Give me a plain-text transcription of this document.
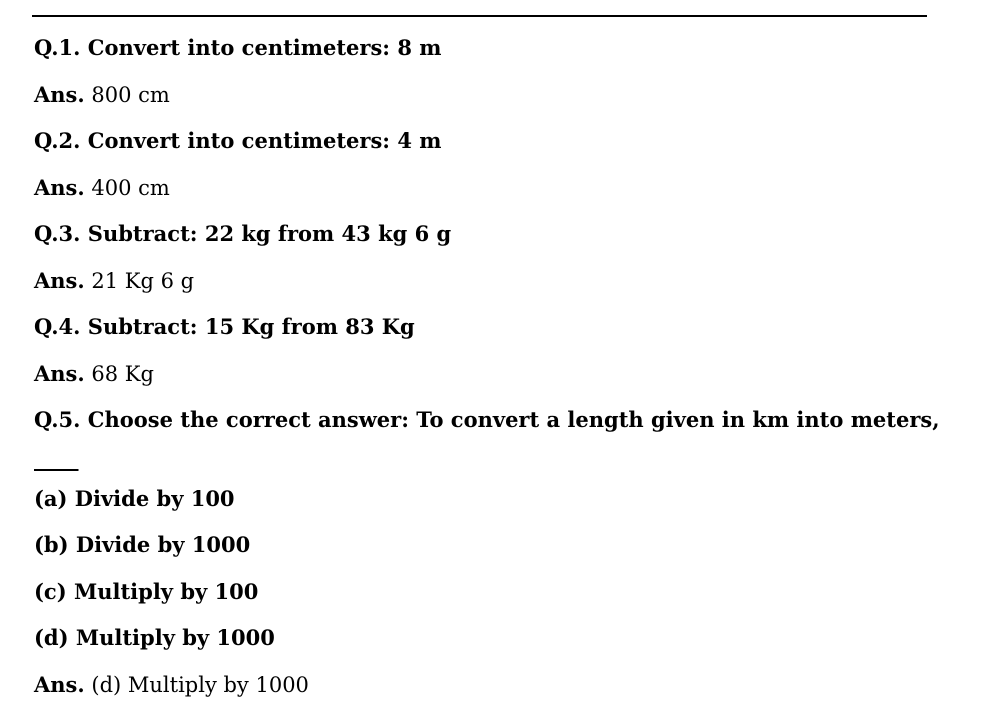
Q.1. Convert into centimeters: 8 m
Ans. 800 cm
Q.2. Convert into centimeters: 4 m
Ans. 400 cm
Q.3. Subtract: 22 kg from 43 kg 6 g
Ans. 21 Kg 6 g
Q.4. Subtract: 15 Kg from 83 Kg
Ans. 68 Kg
Q.5. Choose the correct answer: To convert a length given in km into meters,
_____
(a) Divide by 100
(b) Divide by 1000
(c) Multiply by 100
(d) Multiply by 1000
Ans. (d) Multiply by 1000
